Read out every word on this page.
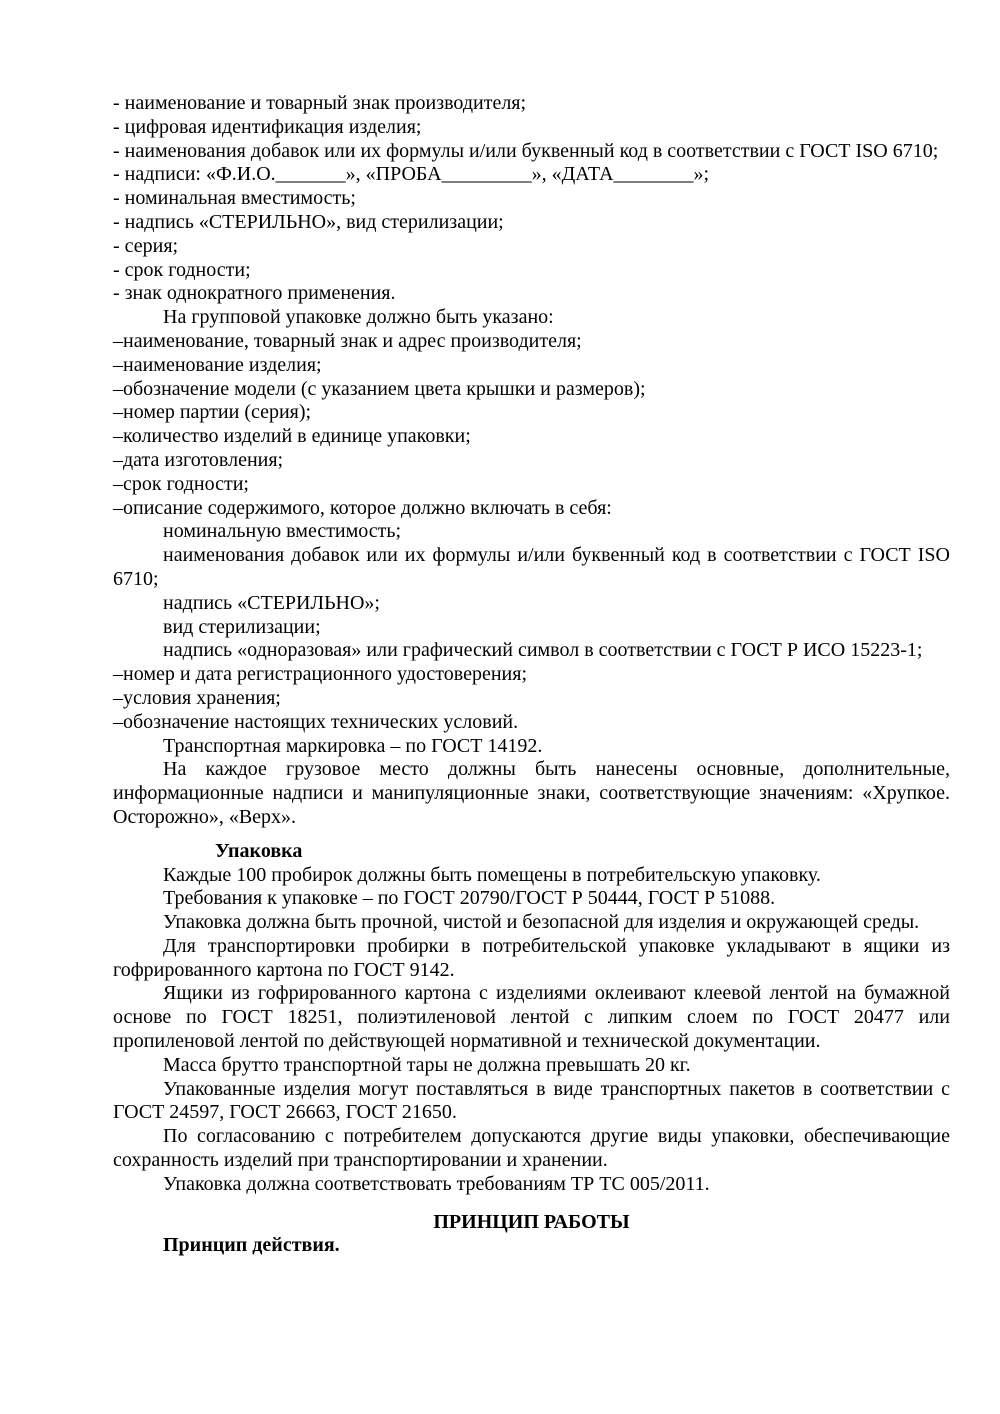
- наименование и товарный знак производителя;

- цифровая идентификация изделия;

- наименования добавок или их формулы и/или буквенный код в соответствии с ГОСТ ISO 6710;

- надписи: «Ф.И.О._______», «ПРОБА_________», «ДАТА________»;

- номинальная вместимость;

- надпись «СТЕРИЛЬНО», вид стерилизации;

- серия;

- срок годности;

- знак однократного применения.

На групповой упаковке должно быть указано:

–наименование, товарный знак и адрес производителя;

–наименование изделия;

–обозначение модели (с указанием цвета крышки и размеров);

–номер партии (серия);

–количество изделий в единице упаковки;

–дата изготовления;

–срок годности;

–описание содержимого, которое должно включать в себя:

номинальную вместимость;

наименования добавок или их формулы и/или буквенный код в соответствии с ГОСТ ISO 6710;

надпись «СТЕРИЛЬНО»;

вид стерилизации;

надпись «одноразовая» или графический символ в соответствии с ГОСТ Р ИСО 15223-1;

–номер и дата регистрационного удостоверения;

–условия хранения;

–обозначение настоящих технических условий.

Транспортная маркировка – по ГОСТ 14192.

На каждое грузовое место должны быть нанесены основные, дополнительные, информационные надписи и манипуляционные знаки, соответствующие значениям: «Хрупкое. Осторожно», «Верх».

Упаковка

Каждые 100 пробирок должны быть помещены в потребительскую упаковку.

Требования к упаковке – по ГОСТ 20790/ГОСТ Р 50444, ГОСТ Р 51088.

Упаковка должна быть прочной, чистой и безопасной для изделия и окружающей среды.

Для транспортировки пробирки в потребительской упаковке укладывают в ящики из гофрированного картона по ГОСТ 9142.

Ящики из гофрированного картона с изделиями оклеивают клеевой лентой на бумажной основе по ГОСТ 18251, полиэтиленовой лентой с липким слоем по ГОСТ 20477 или пропиленовой лентой по действующей нормативной и технической документации.

Масса брутто транспортной тары не должна превышать 20 кг.

Упакованные изделия могут поставляться в виде транспортных пакетов в соответствии с ГОСТ 24597, ГОСТ 26663, ГОСТ 21650.

По согласованию с потребителем допускаются другие виды упаковки, обеспечивающие сохранность изделий при транспортировании и хранении.

Упаковка должна соответствовать требованиям ТР ТС 005/2011.

ПРИНЦИП РАБОТЫ

Принцип действия.
